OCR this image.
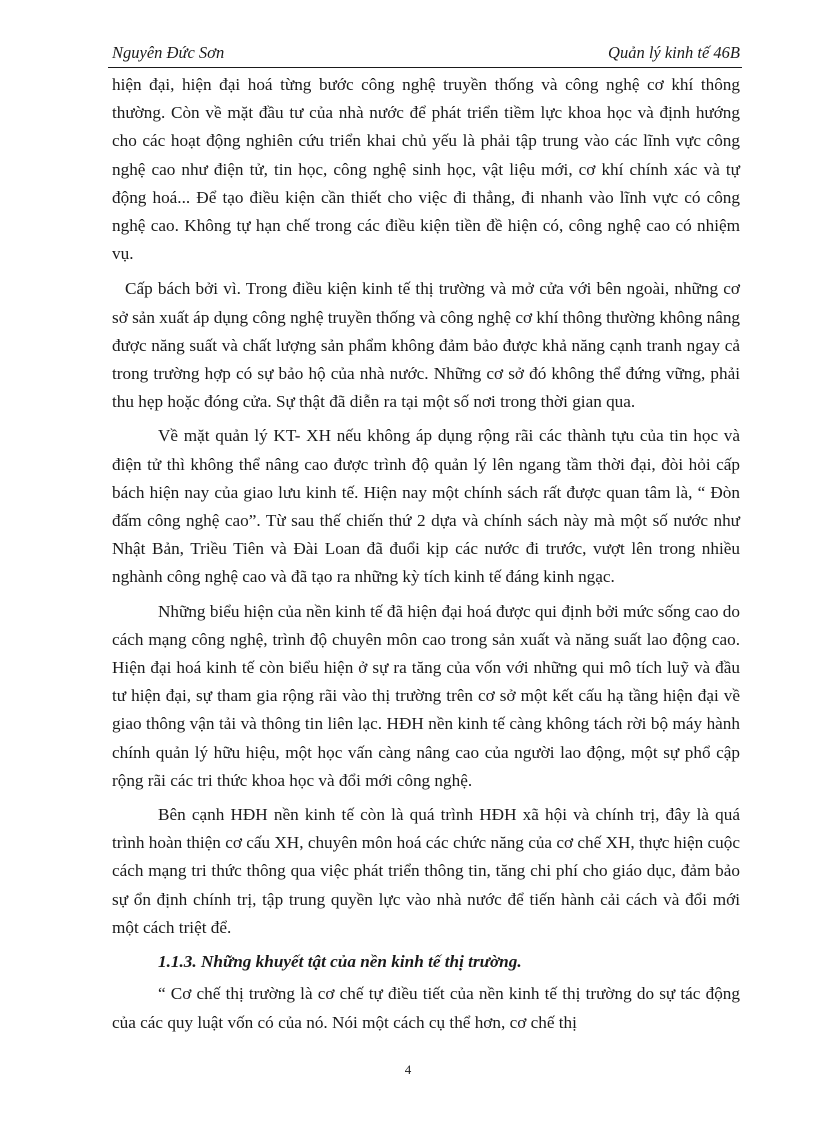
Nguyên Đức Sơn	Quản lý kinh tế 46B

hiện đại, hiện đại hoá từng bước công nghệ truyền thống và công nghệ cơ khí thông thường. Còn về mặt đầu tư của nhà nước để phát triển tiềm lực khoa học và định hướng cho các hoạt động nghiên cứu triển khai chủ yếu là phải tập trung vào các lĩnh vực công nghệ cao như điện tử, tin học, công nghệ sinh học, vật liệu mới, cơ khí chính xác và tự động hoá... Để tạo điều kiện cần thiết cho việc đi thẳng, đi nhanh vào lĩnh vực có công nghệ cao. Không tự hạn chế trong các điều kiện tiền đề hiện có, công nghệ cao có nhiệm vụ.

Cấp bách bởi vì. Trong điều kiện kinh tế thị trường và mở cửa với bên ngoài, những cơ sở sản xuất áp dụng công nghệ truyền thống và công nghệ cơ khí thông thường không nâng được năng suất và chất lượng sản phẩm không đảm bảo được khả năng cạnh tranh ngay cả trong trường hợp có sự bảo hộ của nhà nước. Những cơ sở đó không thể đứng vững, phải thu hẹp hoặc đóng cửa. Sự thật đã diễn ra tại một số nơi trong thời gian qua.

Về mặt quản lý KT- XH nếu không áp dụng rộng rãi các thành tựu của tin học và điện tử thì không thể nâng cao được trình độ quản lý lên ngang tầm thời đại, đòi hỏi cấp bách hiện nay của giao lưu kinh tế. Hiện nay một chính sách rất được quan tâm là, “ Đòn đấm công nghệ cao”. Từ sau thế chiến thứ 2 dựa và chính sách này mà một số nước như Nhật Bản, Triều Tiên và Đài Loan đã đuổi kịp các nước đi trước, vượt lên trong nhiều nghành công nghệ cao và đã tạo ra những kỳ tích kinh tế đáng kinh ngạc.

Những biểu hiện của nền kinh tế đã hiện đại hoá được qui định bởi mức sống cao do cách mạng công nghệ, trình độ chuyên môn cao trong sản xuất và năng suất lao động cao. Hiện đại hoá kinh tế còn biểu hiện ở sự ra tăng của vốn với những qui mô tích luỹ và đầu tư hiện đại, sự tham gia rộng rãi vào thị trường trên cơ sở một kết cấu hạ tầng hiện đại về giao thông vận tải và thông tin liên lạc. HĐH nền kinh tế càng không tách rời bộ máy hành chính quản lý hữu hiệu, một học vấn càng nâng cao của người lao động, một sự phổ cập rộng rãi các tri thức khoa học và đổi mới công nghệ.

Bên cạnh HĐH nền kinh tế còn là quá trình HĐH xã hội và chính trị, đây là quá trình hoàn thiện cơ cấu XH, chuyên môn hoá các chức năng của cơ chế XH, thực hiện cuộc cách mạng tri thức thông qua việc phát triển thông tin, tăng chi phí cho giáo dục, đảm bảo sự ổn định chính trị, tập trung quyền lực vào nhà nước để tiến hành cải cách và đổi mới một cách triệt để.

1.1.3. Những khuyết tật của nền kinh tế thị trường.

“ Cơ chế thị trường là cơ chế tự điều tiết của nền kinh tế thị trường do sự tác động của các quy luật vốn có của nó. Nói một cách cụ thể hơn, cơ chế thị

4
